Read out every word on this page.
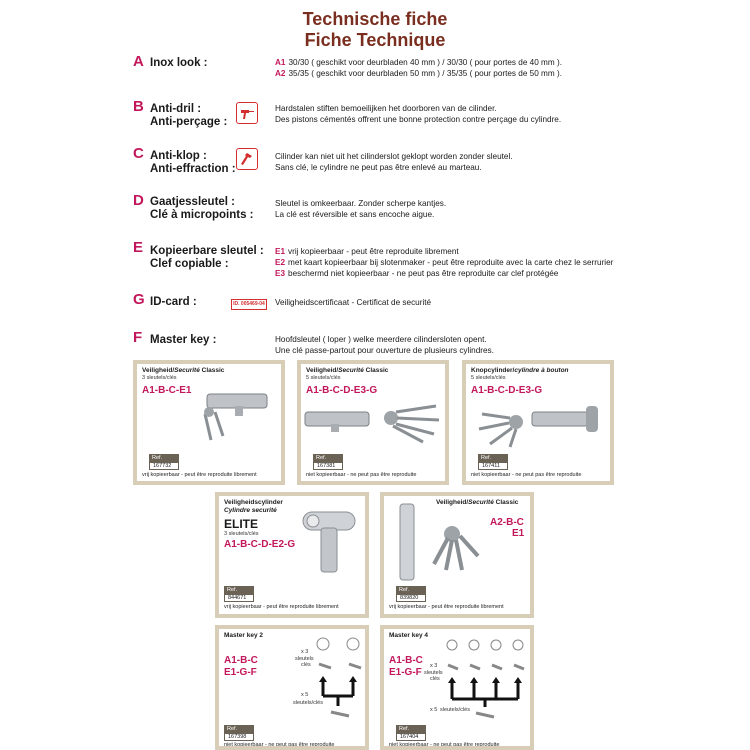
Technische fiche
Fiche Technique
A Inox look :	A1 30/30 ( geschikt voor deurbladen 40 mm ) / 30/30 ( pour portes de 40 mm ).
A2 35/35 ( geschikt voor deurbladen 50 mm ) / 35/35 ( pour portes de 50 mm ).
B Anti-dril :
Anti-perçage :
Hardstalen stiften bemoeilijken het doorboren van de cilinder.
Des pistons cémentés offrent une bonne protection contre perçage du cylindre.
C Anti-klop :
Anti-effraction :
Cilinder kan niet uit het cilinderslot geklopt worden zonder sleutel.
Sans clé, le cylindre ne peut pas être enlevé au marteau.
D Gaatjessleutel :
Clé à micropoints :
Sleutel is omkeerbaar. Zonder scherpe kantjes.
La clé est réversible et sans encoche aigue.
E Kopieerbare sleutel :
Clef copiable :
E1 vrij kopieerbaar - peut être reproduite librement
E2 met kaart kopieerbaar bij slotenmaker - peut être reproduite avec la carte chez le serrurier
E3 beschermd niet kopieerbaar - ne peut pas être reproduite car clef protégée
G ID-card :	ID. 005469-04 Veiligheidscertificaat - Certificat de securité
F Master key :	Hoofdsleutel ( loper ) welke meerdere cilindersloten opent.
Une clé passe-partout pour ouverture de plusieurs cylindres.
Veiligheid/Securité Classic
3 sleutels/clés
A1-B-C-E1
Ref.
167732
vrij kopieerbaar - peut être reproduite librement
Veiligheid/Securité Classic
5 sleutels/clés
A1-B-C-D-E3-G
Ref.
167381
niet kopieerbaar - ne peut pas être reproduite
Knopcylinder/cylindre à bouton
5 sleutels/clés
A1-B-C-D-E3-G
Ref.
167411
niet kopieerbaar - ne peut pas être reproduite
Veiligheidscylinder
Cylindre securité
ELITE
3 sleutels/clés
A1-B-C-D-E2-G
Ref.
844671
vrij kopieerbaar - peut être reproduite librement
Veiligheid/Securité Classic
A2-B-C
E1
Ref.
839820
vrij kopieerbaar - peut être reproduite librement
Master key 2
A1-B-C
E1-G-F
x 3
sleutels
clés
x 5
sleutels/clés
Ref.
167398
niet kopieerbaar - ne peut pas être reproduite
Master key 4
A1-B-C
E1-G-F
x 3
sleutels
clés
x 5 sleutels/clés
Ref.
167404
niet kopieerbaar - ne peut pas être reproduite
